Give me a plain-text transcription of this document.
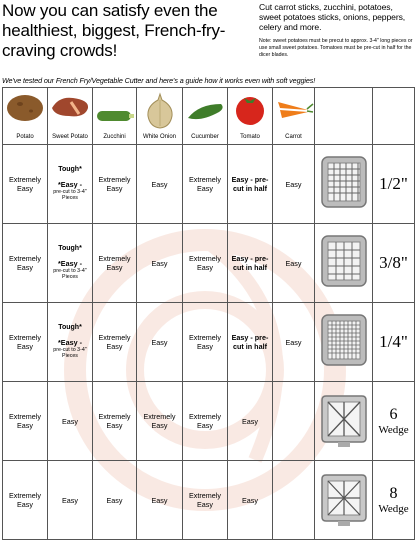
Now you can satisfy even the healthiest, biggest, French-fry-craving crowds!
Cut carrot sticks, zucchini, potatoes, sweet potatoes sticks, onions, peppers, celery and more.
Note: sweet potatoes must be precut to approx. 3-4" long pieces or use small sweet potatoes. Tomatoes must be pre-cut in half for the dicer blades.
We've tested our French Fry/Vegetable Cutter and here's a guide how it works even with soft veggies!
Potato	Sweet Potato	Zucchini	White Onion	Cucumber	Tomato	Carrot		

Extremely Easy	Tough*
*Easy -
pre-cut to 3-4" Pieces	Extremely Easy	Easy	Extremely Easy	Easy - pre-cut in half	Easy		1/2"
Extremely Easy	Tough*
*Easy -
pre-cut to 3-4" Pieces	Extremely Easy	Easy	Extremely Easy	Easy - pre-cut in half	Easy		3/8"
Extremely Easy	Tough*
*Easy -
pre-cut to 3-4" Pieces	Extremely Easy	Easy	Extremely Easy	Easy - pre-cut in half	Easy		1/4"
Extremely Easy	Easy	Extremely Easy	Extremely Easy	Extremely Easy	Easy			6
Wedge

Extremely Easy	Easy	Easy	Easy	Extremely Easy	Easy			8
Wedge
